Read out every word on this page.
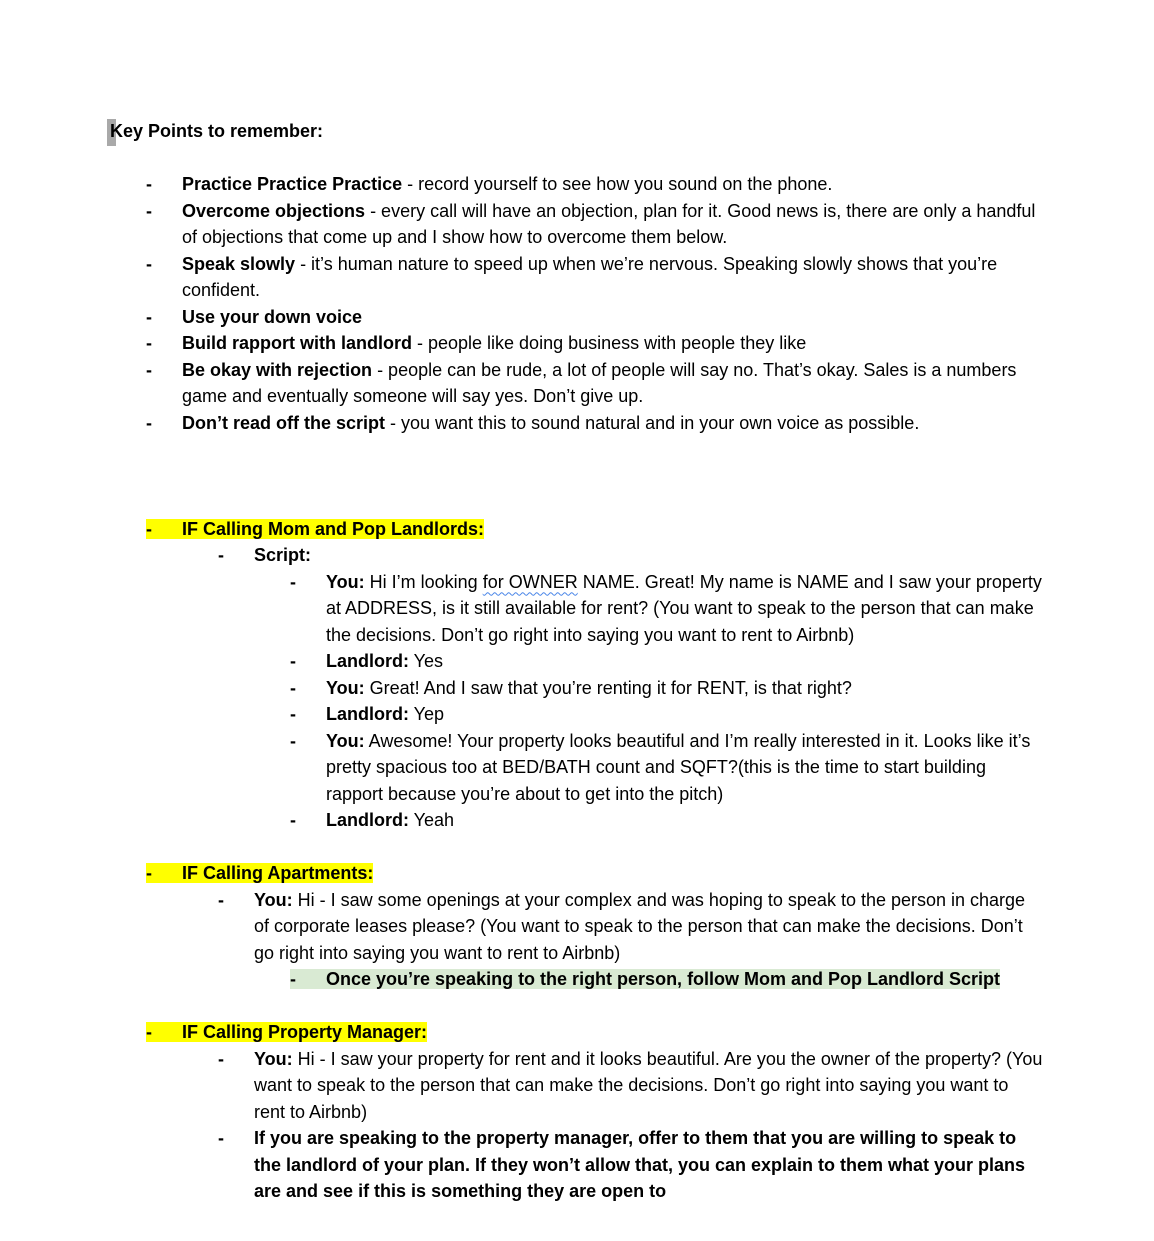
Key Points to remember:
- Practice Practice Practice - record yourself to see how you sound on the phone.
- Overcome objections - every call will have an objection, plan for it. Good news is, there are only a handful of objections that come up and I show how to overcome them below.
- Speak slowly - it’s human nature to speed up when we’re nervous. Speaking slowly shows that you’re confident.
- Use your down voice
- Build rapport with landlord - people like doing business with people they like
- Be okay with rejection - people can be rude, a lot of people will say no. That’s okay. Sales is a numbers game and eventually someone will say yes. Don’t give up.
- Don’t read off the script - you want this to sound natural and in your own voice as possible.
- IF Calling Mom and Pop Landlords:
- Script:
- You: Hi I’m looking for OWNER NAME. Great! My name is NAME and I saw your property at ADDRESS, is it still available for rent? (You want to speak to the person that can make the decisions. Don’t go right into saying you want to rent to Airbnb)
- Landlord: Yes
- You: Great! And I saw that you’re renting it for RENT, is that right?
- Landlord: Yep
- You: Awesome! Your property looks beautiful and I’m really interested in it. Looks like it’s pretty spacious too at BED/BATH count and SQFT?(this is the time to start building rapport because you’re about to get into the pitch)
- Landlord: Yeah
- IF Calling Apartments:
- You: Hi - I saw some openings at your complex and was hoping to speak to the person in charge of corporate leases please? (You want to speak to the person that can make the decisions. Don’t go right into saying you want to rent to Airbnb)
- Once you’re speaking to the right person, follow Mom and Pop Landlord Script
- IF Calling Property Manager:
- You: Hi - I saw your property for rent and it looks beautiful. Are you the owner of the property? (You want to speak to the person that can make the decisions. Don’t go right into saying you want to rent to Airbnb)
- If you are speaking to the property manager, offer to them that you are willing to speak to the landlord of your plan. If they won’t allow that, you can explain to them what your plans are and see if this is something they are open to
